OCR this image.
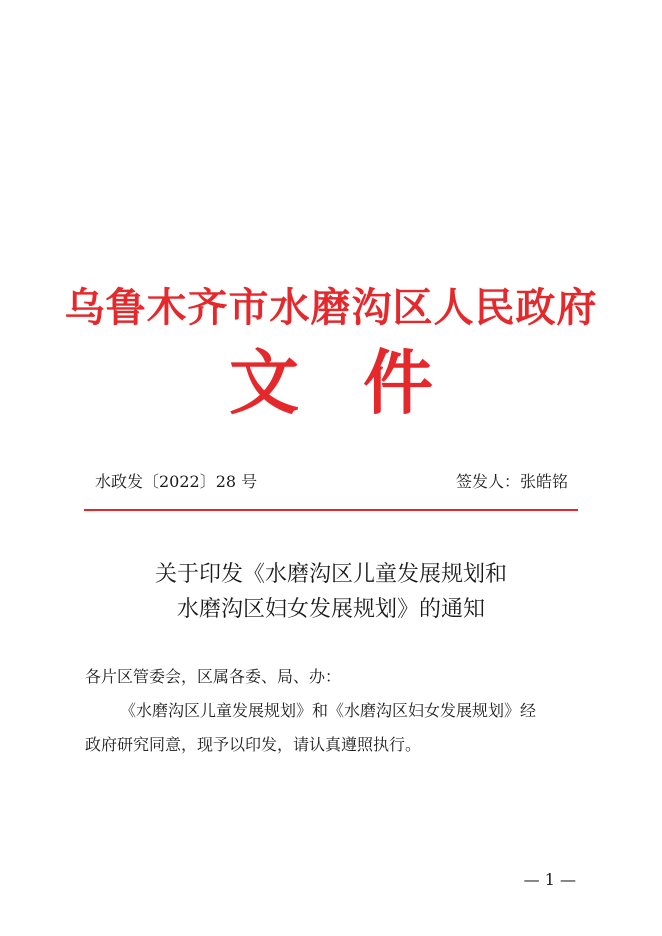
乌鲁木齐市水磨沟区人民政府
文件
水政发〔2022〕28 号	签发人：张皓铭
关于印发《水磨沟区儿童发展规划和
水磨沟区妇女发展规划》的通知
各片区管委会，区属各委、局、办：
《水磨沟区儿童发展规划》和《水磨沟区妇女发展规划》经
政府研究同意，现予以印发，请认真遵照执行。
— 1 —
